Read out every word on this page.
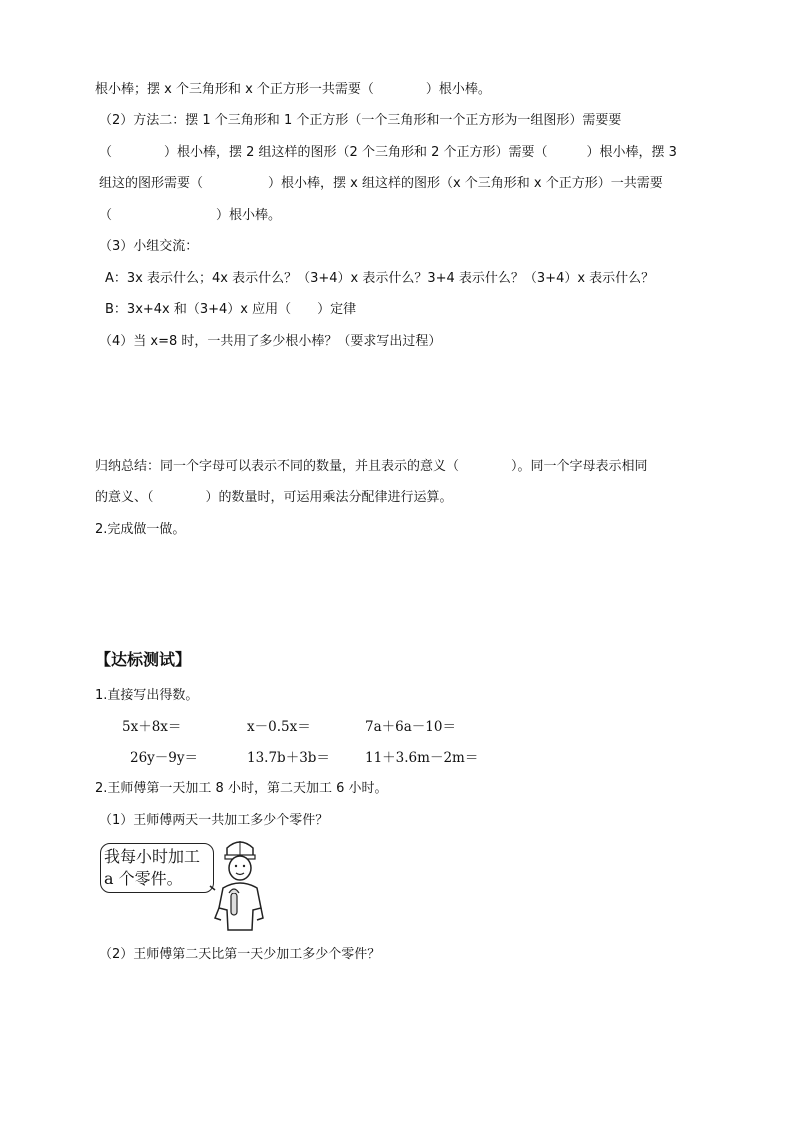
根小棒；摆 x 个三角形和 x 个正方形一共需要（　　　　）根小棒。
（2）方法二：摆 1 个三角形和 1 个正方形（一个三角形和一个正方形为一组图形）需要要
（　　　　）根小棒，摆 2 组这样的图形（2 个三角形和 2 个正方形）需要（　　　）根小棒，摆 3
组这的图形需要（　　　　　）根小棒，摆 x 组这样的图形（x 个三角形和 x 个正方形）一共需要
（　　　　　　　　）根小棒。
（3）小组交流：
A：3x 表示什么；4x 表示什么？（3+4）x 表示什么？3+4 表示什么？（3+4）x 表示什么？
B：3x+4x 和（3+4）x 应用（　　）定律
（4）当 x=8 时，一共用了多少根小棒？（要求写出过程）
归纳总结：同一个字母可以表示不同的数量，并且表示的意义（　　　　）。同一个字母表示相同
的意义、（　　　　）的数量时，可运用乘法分配律进行运算。
2.完成做一做。
【达标测试】
1.直接写出得数。
5x＋8x＝	x－0.5x＝	7a＋6a－10＝
26y－9y＝	13.7b＋3b＝	11＋3.6m－2m＝
2.王师傅第一天加工 8 小时，第二天加工 6 小时。
（1）王师傅两天一共加工多少个零件？
我每小时加工
a 个零件。
（2）王师傅第二天比第一天少加工多少个零件？
